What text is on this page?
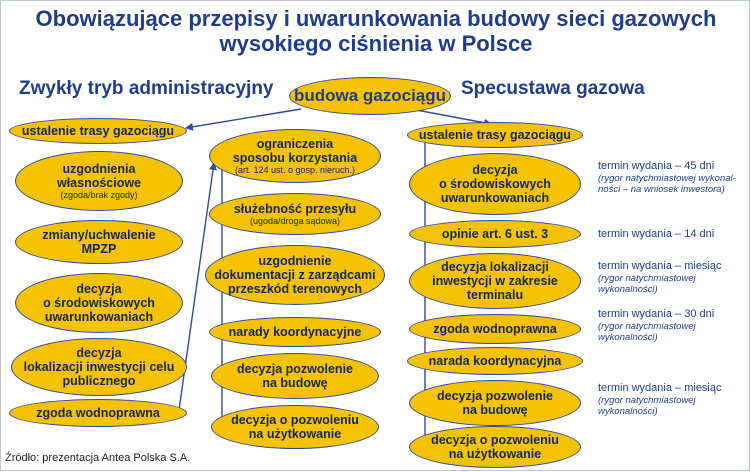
Obowiązujące przepisy i uwarunkowania budowy sieci gazowych
wysokiego ciśnienia w Polsce
Zwykły tryb administracyjny	Specustawa gazowa
budowa gazociągu
ustalenie trasy gazociągu
uzgodnienia
własnościowe
(zgoda/brak zgody)
zmiany/uchwalenie
MPZP
decyzja
o środowiskowych
uwarunkowaniach
decyzja
lokalizacji inwestycji celu
publicznego
zgoda wodnoprawna
ograniczenia
sposobu korzystania
(art. 124 ust. o gosp. nieruch.)
służebność przesyłu
(ugoda/droga sądowa)
uzgodnienie
dokumentacji z zarządcami
przeszkód terenowych
narady koordynacyjne
decyzja pozwolenie
na budowę
decyzja o pozwoleniu
na użytkowanie
ustalenie trasy gazociągu
decyzja
o środowiskowych
uwarunkowaniach
opinie art. 6 ust. 3
decyzja lokalizacji
inwestycji w zakresie
terminalu
zgoda wodnoprawna
narada koordynacyjna
decyzja pozwolenie
na budowę
decyzja o pozwoleniu
na użytkowanie
termin wydania – 45 dni
(rygor natychmiastowej wykonal-
ności – na wniosek inwestora)
termin wydania – 14 dni
termin wydania – miesiąc
(rygor natychmiastowej
wykonalności)
termin wydania – 30 dni
(rygor natychmiastowej
wykonalności)
termin wydania – miesiąc
(rygor natychmiastowej
wykonalności)
Źródło: prezentacja Antea Polska S.A.
